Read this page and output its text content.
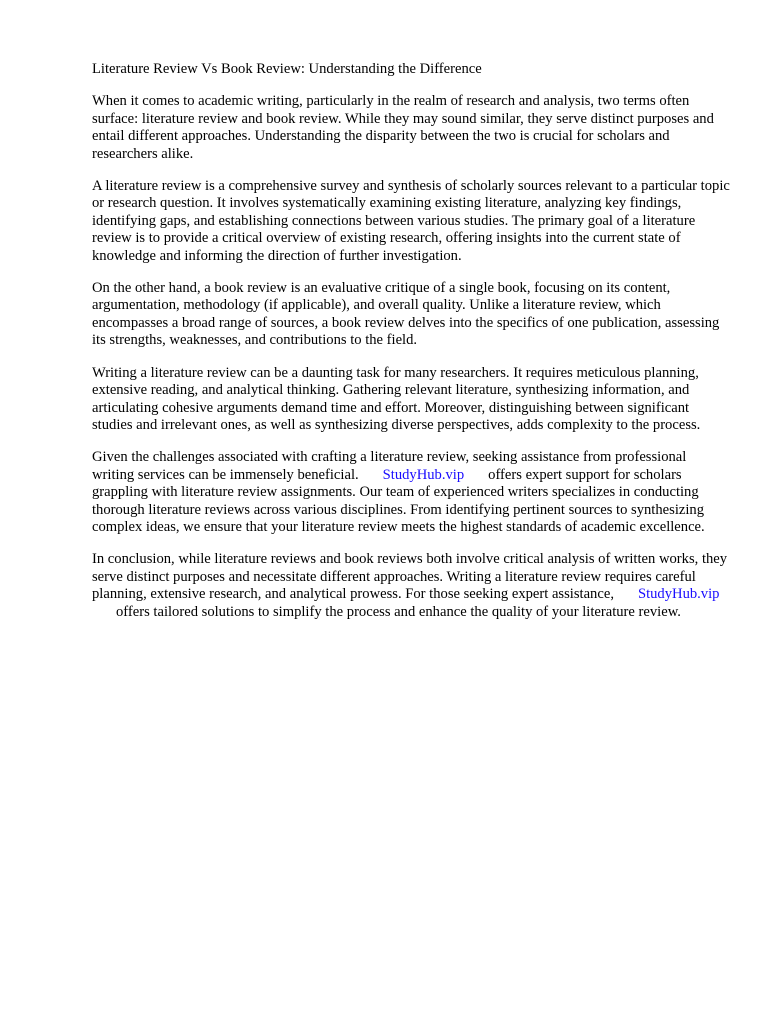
Literature Review Vs Book Review: Understanding the Difference

When it comes to academic writing, particularly in the realm of research and analysis, two terms often surface: literature review and book review. While they may sound similar, they serve distinct purposes and entail different approaches. Understanding the disparity between the two is crucial for scholars and researchers alike.

A literature review is a comprehensive survey and synthesis of scholarly sources relevant to a particular topic or research question. It involves systematically examining existing literature, analyzing key findings, identifying gaps, and establishing connections between various studies. The primary goal of a literature review is to provide a critical overview of existing research, offering insights into the current state of knowledge and informing the direction of further investigation.

On the other hand, a book review is an evaluative critique of a single book, focusing on its content, argumentation, methodology (if applicable), and overall quality. Unlike a literature review, which encompasses a broad range of sources, a book review delves into the specifics of one publication, assessing its strengths, weaknesses, and contributions to the field.

Writing a literature review can be a daunting task for many researchers. It requires meticulous planning, extensive reading, and analytical thinking. Gathering relevant literature, synthesizing information, and articulating cohesive arguments demand time and effort. Moreover, distinguishing between significant studies and irrelevant ones, as well as synthesizing diverse perspectives, adds complexity to the process.

Given the challenges associated with crafting a literature review, seeking assistance from professional writing services can be immensely beneficial. StudyHub.vip offers expert support for scholars grappling with literature review assignments. Our team of experienced writers specializes in conducting thorough literature reviews across various disciplines. From identifying pertinent sources to synthesizing complex ideas, we ensure that your literature review meets the highest standards of academic excellence.

In conclusion, while literature reviews and book reviews both involve critical analysis of written works, they serve distinct purposes and necessitate different approaches. Writing a literature review requires careful planning, extensive research, and analytical prowess. For those seeking expert assistance, StudyHub.vipoffers tailored solutions to simplify the process and enhance the quality of your literature review.
